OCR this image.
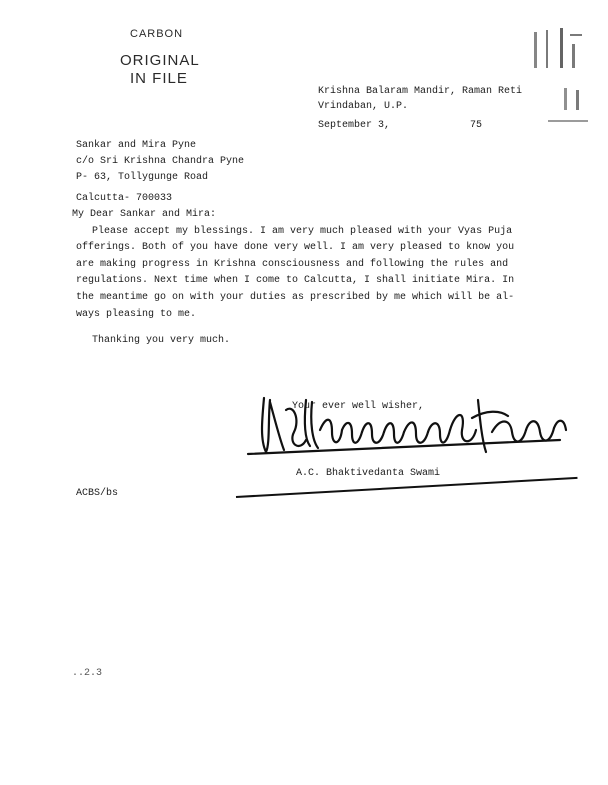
CARBON
ORIGINAL
IN FILE
Krishna Balaram Mandir, Raman Reti
Vrindaban, U.P.
September 3,	75
Sankar and Mira Pyne
c/o Sri Krishna Chandra Pyne
P- 63, Tollygunge Road
Calcutta- 700033
My Dear Sankar and Mira:
Please accept my blessings. I am very much pleased with your Vyas Puja
offerings. Both of you have done very well. I am very pleased to know you
are making progress in Krishna consciousness and following the rules and
regulations. Next time when I come to Calcutta, I shall initiate Mira. In
the meantime go on with your duties as prescribed by me which will be al-
ways pleasing to me.
Thanking you very much.
Your ever well wisher,
A.C. Bhaktivedanta Swami
ACBS/bs
..2.3
